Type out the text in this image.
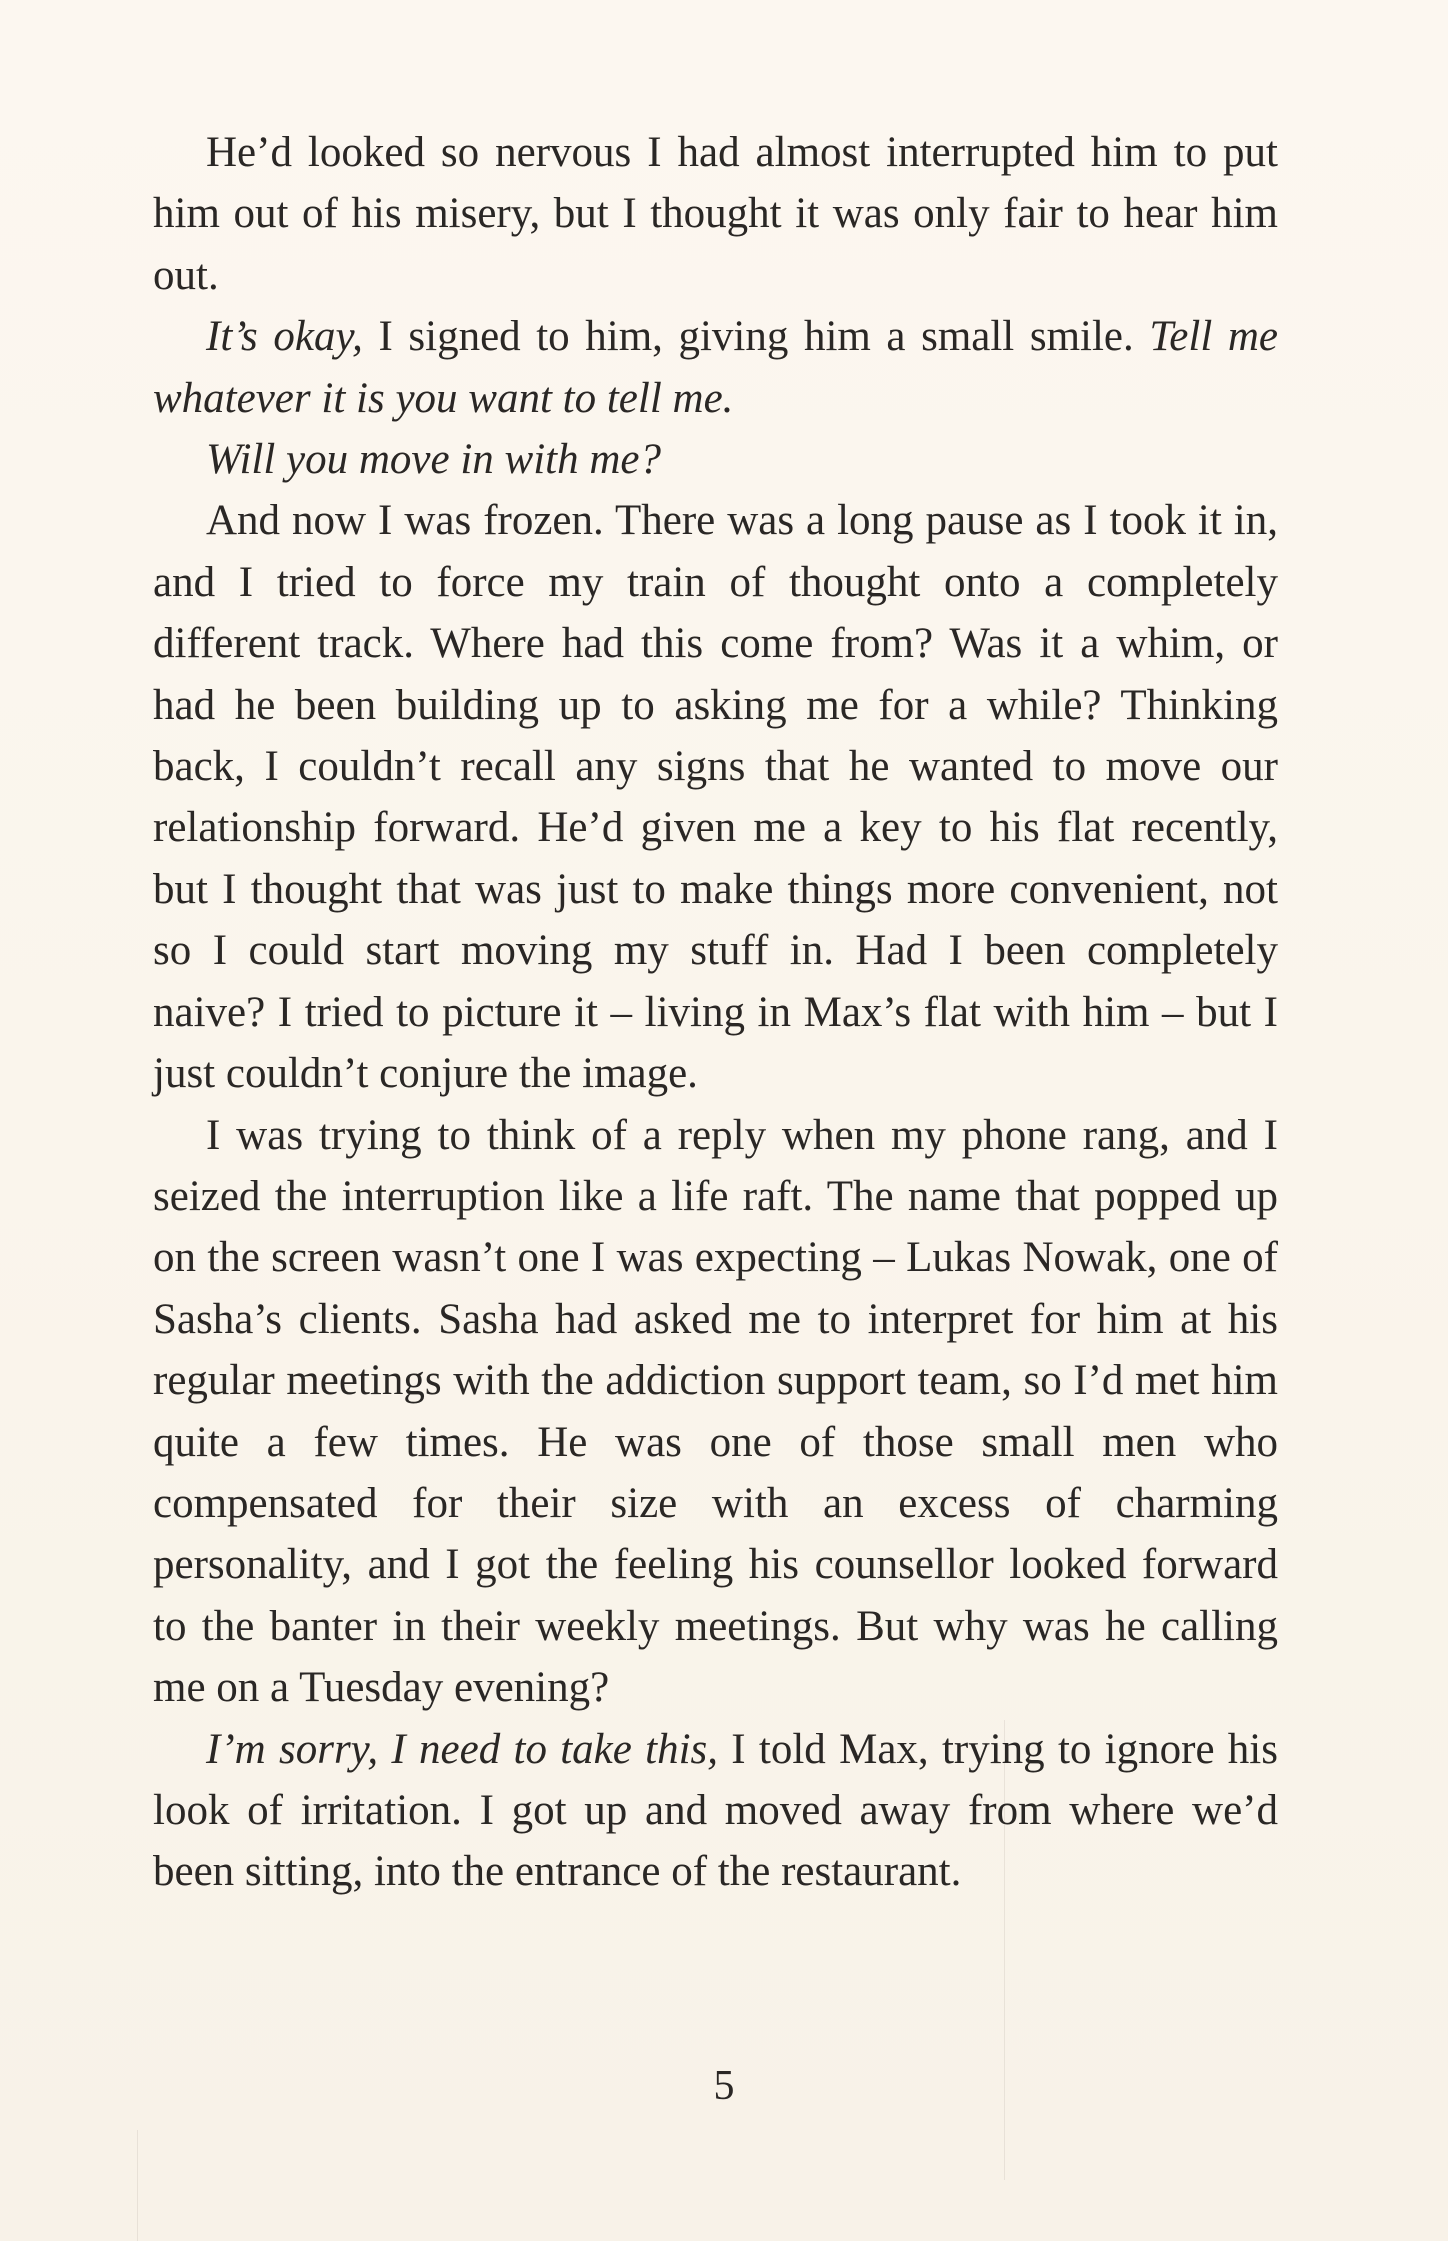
He’d looked so nervous I had almost interrupted him to put him out of his misery, but I thought it was only fair to hear him out.

It’s okay, I signed to him, giving him a small smile. Tell me whatever it is you want to tell me.

Will you move in with me?

And now I was frozen. There was a long pause as I took it in, and I tried to force my train of thought onto a completely different track. Where had this come from? Was it a whim, or had he been building up to asking me for a while? Thinking back, I couldn’t recall any signs that he wanted to move our relationship forward. He’d given me a key to his flat recently, but I thought that was just to make things more convenient, not so I could start moving my stuff in. Had I been completely naive? I tried to picture it – living in Max’s flat with him – but I just couldn’t conjure the image.

I was trying to think of a reply when my phone rang, and I seized the interruption like a life raft. The name that popped up on the screen wasn’t one I was expecting – Lukas Nowak, one of Sasha’s clients. Sasha had asked me to interpret for him at his regular meetings with the addiction support team, so I’d met him quite a few times. He was one of those small men who compensated for their size with an excess of charming personality, and I got the feeling his counsellor looked forward to the banter in their weekly meetings. But why was he calling me on a Tuesday evening?

I’m sorry, I need to take this, I told Max, trying to ignore his look of irritation. I got up and moved away from where we’d been sitting, into the entrance of the restaurant.

5
